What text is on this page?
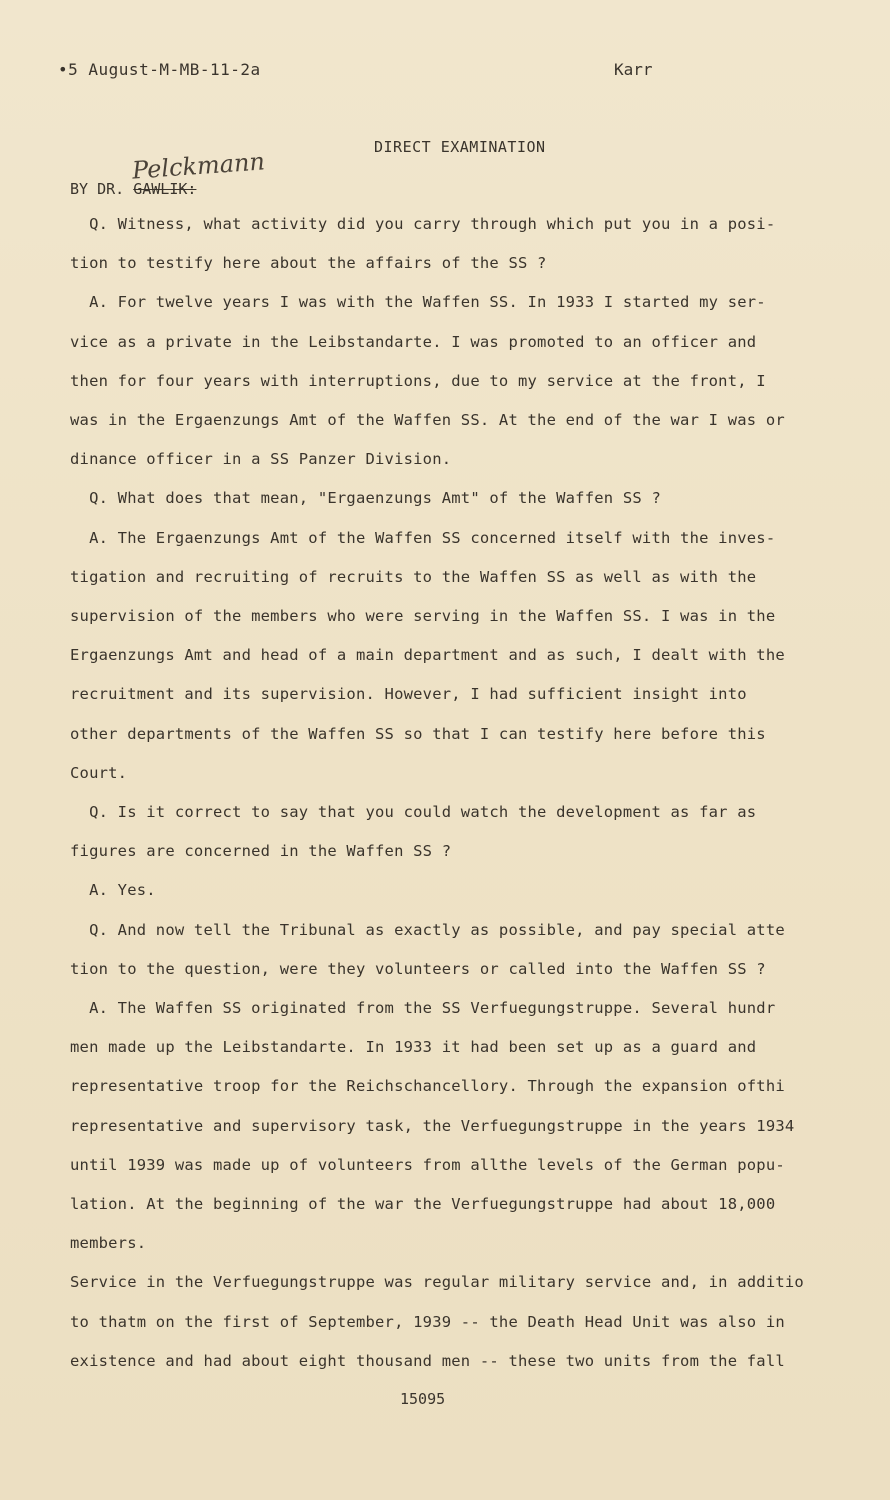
•5 August-M-MB-11-2a	Karr
DIRECT EXAMINATION
Pelckmann
BY DR. GAWLIK:
Q. Witness, what activity did you carry through which put you in a posi-
tion to testify here about the affairs of the SS ?
A. For twelve years I was with the Waffen SS. In 1933 I started my ser-
vice as a private in the Leibstandarte. I was promoted to an officer and
then for four years with interruptions, due to my service at the front, I
was in the Ergaenzungs Amt of the Waffen SS. At the end of the war I was or
dinance officer in a SS Panzer Division.
Q. What does that mean, "Ergaenzungs Amt" of the Waffen SS ?
A. The Ergaenzungs Amt of the Waffen SS concerned itself with the inves-
tigation and recruiting of recruits to the Waffen SS as well as with the
supervision of the members who were serving in the Waffen SS. I was in the
Ergaenzungs Amt and head of a main department and as such, I dealt with the
recruitment and its supervision. However, I had sufficient insight into
other departments of the Waffen SS so that I can testify here before this
Court.
Q. Is it correct to say that you could watch the development as far as
figures are concerned in the Waffen SS ?
A. Yes.
Q. And now tell the Tribunal as exactly as possible, and pay special atte
tion to the question, were they volunteers or called into the Waffen SS ?
A. The Waffen SS originated from the SS Verfuegungstruppe. Several hundr
men made up the Leibstandarte. In 1933 it had been set up as a guard and
representative troop for the Reichschancellory. Through the expansion ofthi
representative and supervisory task, the Verfuegungstruppe in the years 1934
until 1939 was made up of volunteers from allthe levels of the German popu-
lation. At the beginning of the war the Verfuegungstruppe had about 18,000
members.
Service in the Verfuegungstruppe was regular military service and, in additio
to thatm on the first of September, 1939 -- the Death Head Unit was also in
existence and had about eight thousand men -- these two units from the fall
15095
